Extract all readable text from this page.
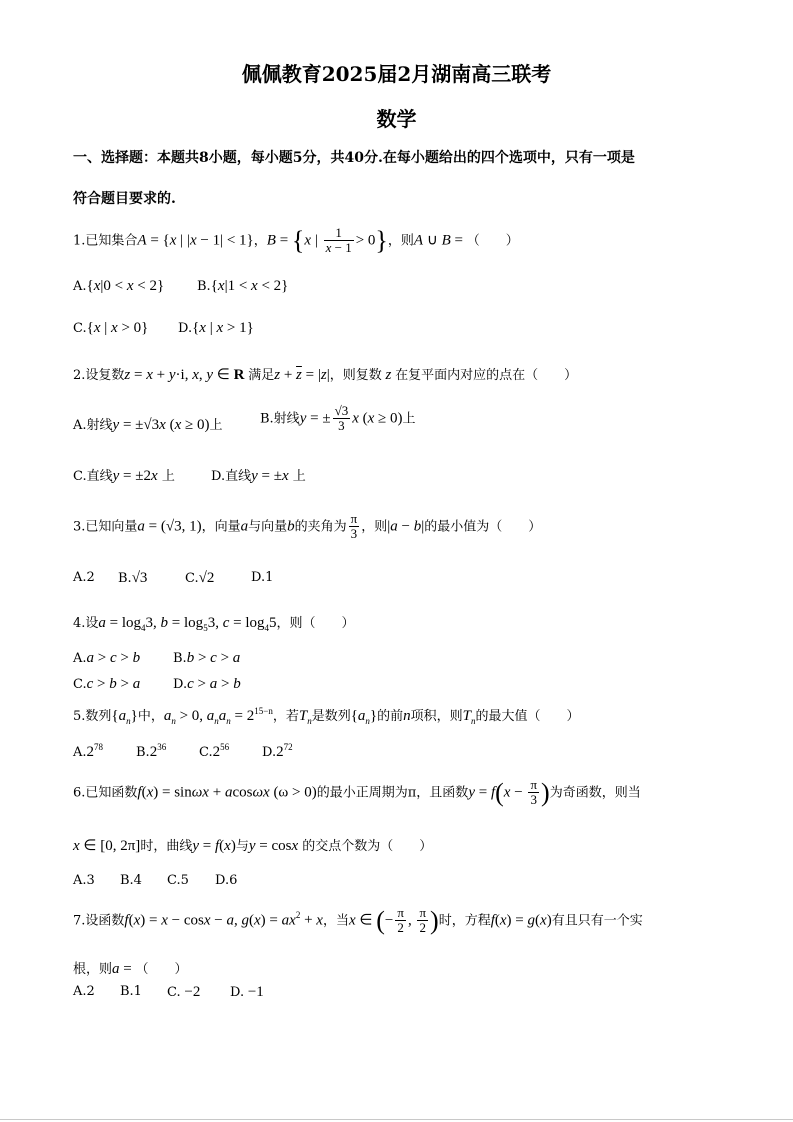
佩佩教育2025届2月湖南高三联考
数学
一、选择题：本题共8小题，每小题5分，共40分.在每小题给出的四个选项中，只有一项是
符合题目要求的.
1.已知集合A = {x | |x − 1| < 1}，B = {x | $\frac{1}{x - 1} > 0$}，则A ∪ B = （　　）
A.{x|0 < x < 2}	B.{x|1 < x < 2}
C.{x | x > 0} D.{x | x > 1}
2.设复数z = x + y·i, x, y ∈ R 满足$z + \overline{z} = |z|$，则复数 z 在复平面内对应的点在（　　）
A.射线y = ±√3x (x ≥ 0)上	B.射线y = ± $\frac{√3}{3}$ x (x ≥ 0)上
C.直线y = ±2x 上	D.直线y = ±x 上
3.已知向量a = (√3, 1)，向量a与向量b的夹角为 $\frac{\pi}{3}$ ，则|a − b|的最小值为（　　）
A.2 B.√3	C.√2	D.1
4.设$a = \log_43$, $b = \log_53$, $c = \log_45$，则（　　）
A.a > c > b	B.b > c > a
C.c > b > a	D.c > a > b
5.数列$\{a_n\}$中，$a_n > 0$, $a_na_n = 2^{15-n}$，若$T_n$是数列$\{a_n\}$的前n项积，则$T_n$的最大值（　　）
$A.2^{78}$	$B.2^{36}$	$C.2^{56}$	$D.2^{72}$
6.已知函数f(x) = sinωx + acosωx (ω > 0)的最小正周期为π，且函数$y = f(x - \frac{\pi}{3}$ )为奇函数，则当
x ∈ [0, 2π]时，曲线y = f(x)与y = cosx 的交点个数为（　　）
A.3 B.4 C.5 D.6
7.设函数f(x) = x − cosx − a, $g(x) = ax^2 + x$，当x ∈ (− $\frac{\pi}{2}$ , $\frac{\pi}{2}$ )时，方程f(x) = g(x)有且只有一个实
根，则a = （　　）
A.2 B.1 C. −2 D. −1
